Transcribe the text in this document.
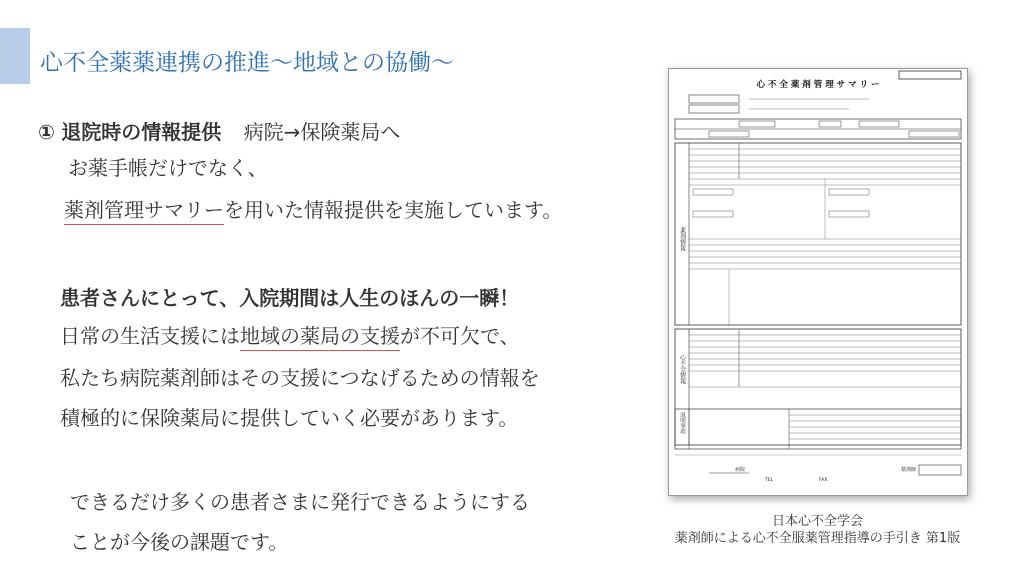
心不全薬薬連携の推進〜地域との協働〜
① 退院時の情報提供 病院→保険薬局へ
お薬手帳だけでなく、
薬剤管理サマリーを用いた情報提供を実施しています。
患者さんにとって、入院期間は人生のほんの一瞬！
日常の生活支援には地域の薬局の支援が不可欠で、
私たち病院薬剤師はその支援につなげるための情報を
積極的に保険薬局に提供していく必要があります。
できるだけ多くの患者さまに発行できるようにする
ことが今後の課題です。
心 不 全 薬 剤 管 理 サ マ リ ー
薬剤情報
心不全情報
説明事項
病院
TEL	FAX
薬剤師
日本心不全学会
薬剤師による心不全服薬管理指導の手引き 第1版
